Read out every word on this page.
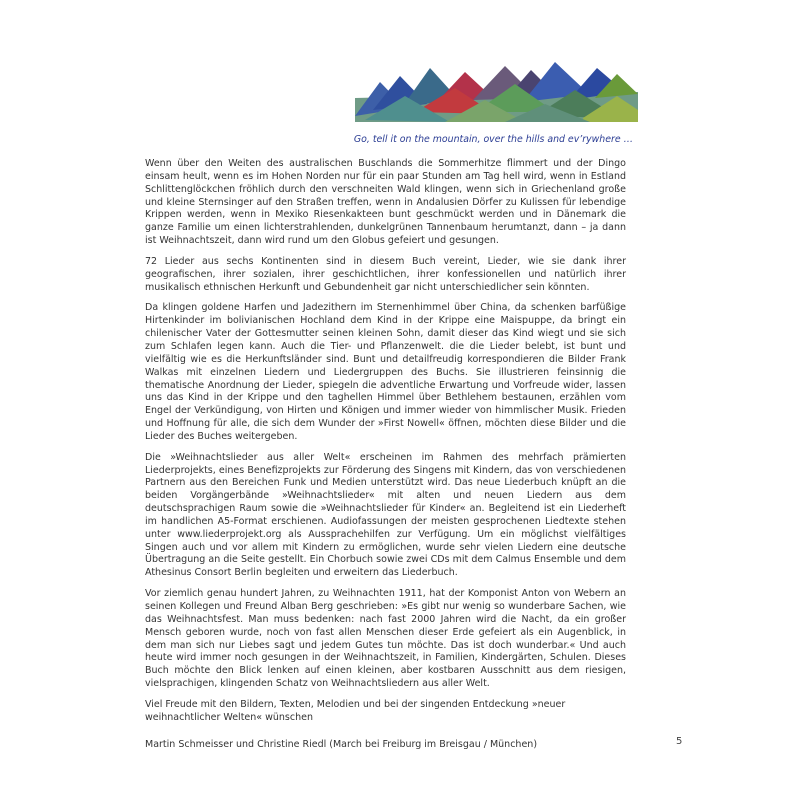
Go, tell it on the mountain, over the hills and ev’rywhere …

Wenn über den Weiten des australischen Buschlands die Sommerhitze flimmert und der Dingo einsam heult, wenn es im Hohen Norden nur für ein paar Stunden am Tag hell wird, wenn in Estland Schlittenglöckchen fröhlich durch den verschneiten Wald klingen, wenn sich in Griechenland große und kleine Sternsinger auf den Straßen treffen, wenn in Andalusien Dörfer zu Kulissen für lebendige Krippen werden, wenn in Mexiko Riesenkakteen bunt geschmückt werden und in Dänemark die ganze Familie um einen lichterstrahlenden, dunkelgrünen Tannenbaum herumtanzt, dann – ja dann ist Weihnachtszeit, dann wird rund um den Globus gefeiert und gesungen.

72 Lieder aus sechs Kontinenten sind in diesem Buch vereint, Lieder, wie sie dank ihrer geografischen, ihrer sozialen, ihrer geschichtlichen, ihrer konfessionellen und natürlich ihrer musikalisch ethnischen Herkunft und Gebundenheit gar nicht unterschiedlicher sein könnten.

Da klingen goldene Harfen und Jadezithern im Sternenhimmel über China, da schenken barfüßige Hirtenkinder im bolivianischen Hochland dem Kind in der Krippe eine Maispuppe, da bringt ein chilenischer Vater der Gottesmutter seinen kleinen Sohn, damit dieser das Kind wiegt und sie sich zum Schlafen legen kann. Auch die Tier- und Pflanzenwelt. die die Lieder belebt, ist bunt und vielfältig wie es die Herkunftsländer sind. Bunt und detailfreudig korrespondieren die Bilder Frank Walkas mit einzelnen Liedern und Liedergruppen des Buchs. Sie illustrieren feinsinnig die thematische Anordnung der Lieder, spiegeln die adventliche Erwartung und Vorfreude wider, lassen uns das Kind in der Krippe und den taghellen Himmel über Bethlehem bestaunen, erzählen vom Engel der Verkündigung, von Hirten und Königen und immer wieder von himmlischer Musik. Frieden und Hoffnung für alle, die sich dem Wunder der »First Nowell« öffnen, möchten diese Bilder und die Lieder des Buches weitergeben.

Die »Weihnachtslieder aus aller Welt« erscheinen im Rahmen des mehrfach prämierten Liederprojekts, eines Benefizprojekts zur Förderung des Singens mit Kindern, das von verschiedenen Partnern aus den Bereichen Funk und Medien unterstützt wird. Das neue Liederbuch knüpft an die beiden Vorgängerbände »Weihnachtslieder« mit alten und neuen Liedern aus dem deutschsprachigen Raum sowie die »Weihnachtslieder für Kinder« an. Begleitend ist ein Liederheft im handlichen A5-Format erschienen. Audiofassungen der meisten gesprochenen Liedtexte stehen unter www.liederprojekt.org als Aussprachehilfen zur Verfügung. Um ein möglichst vielfältiges Singen auch und vor allem mit Kindern zu ermöglichen, wurde sehr vielen Liedern eine deutsche Übertragung an die Seite gestellt. Ein Chorbuch sowie zwei CDs mit dem Calmus Ensemble und dem Athesinus Consort Berlin begleiten und erweitern das Liederbuch.

Vor ziemlich genau hundert Jahren, zu Weihnachten 1911, hat der Komponist Anton von Webern an seinen Kollegen und Freund Alban Berg geschrieben: »Es gibt nur wenig so wunderbare Sachen, wie das Weihnachtsfest. Man muss bedenken: nach fast 2000 Jahren wird die Nacht, da ein großer Mensch geboren wurde, noch von fast allen Menschen dieser Erde gefeiert als ein Augenblick, in dem man sich nur Liebes sagt und jedem Gutes tun möchte. Das ist doch wunderbar.« Und auch heute wird immer noch gesungen in der Weihnachtszeit, in Familien, Kindergärten, Schulen. Dieses Buch möchte den Blick lenken auf einen kleinen, aber kostbaren Ausschnitt aus dem riesigen, vielsprachigen, klingenden Schatz von Weihnachtsliedern aus aller Welt.

Viel Freude mit den Bildern, Texten, Melodien und bei der singenden Entdeckung »neuer weihnachtlicher Welten« wünschen

Martin Schmeisser und Christine Riedl (March bei Freiburg im Breisgau / München)	5
